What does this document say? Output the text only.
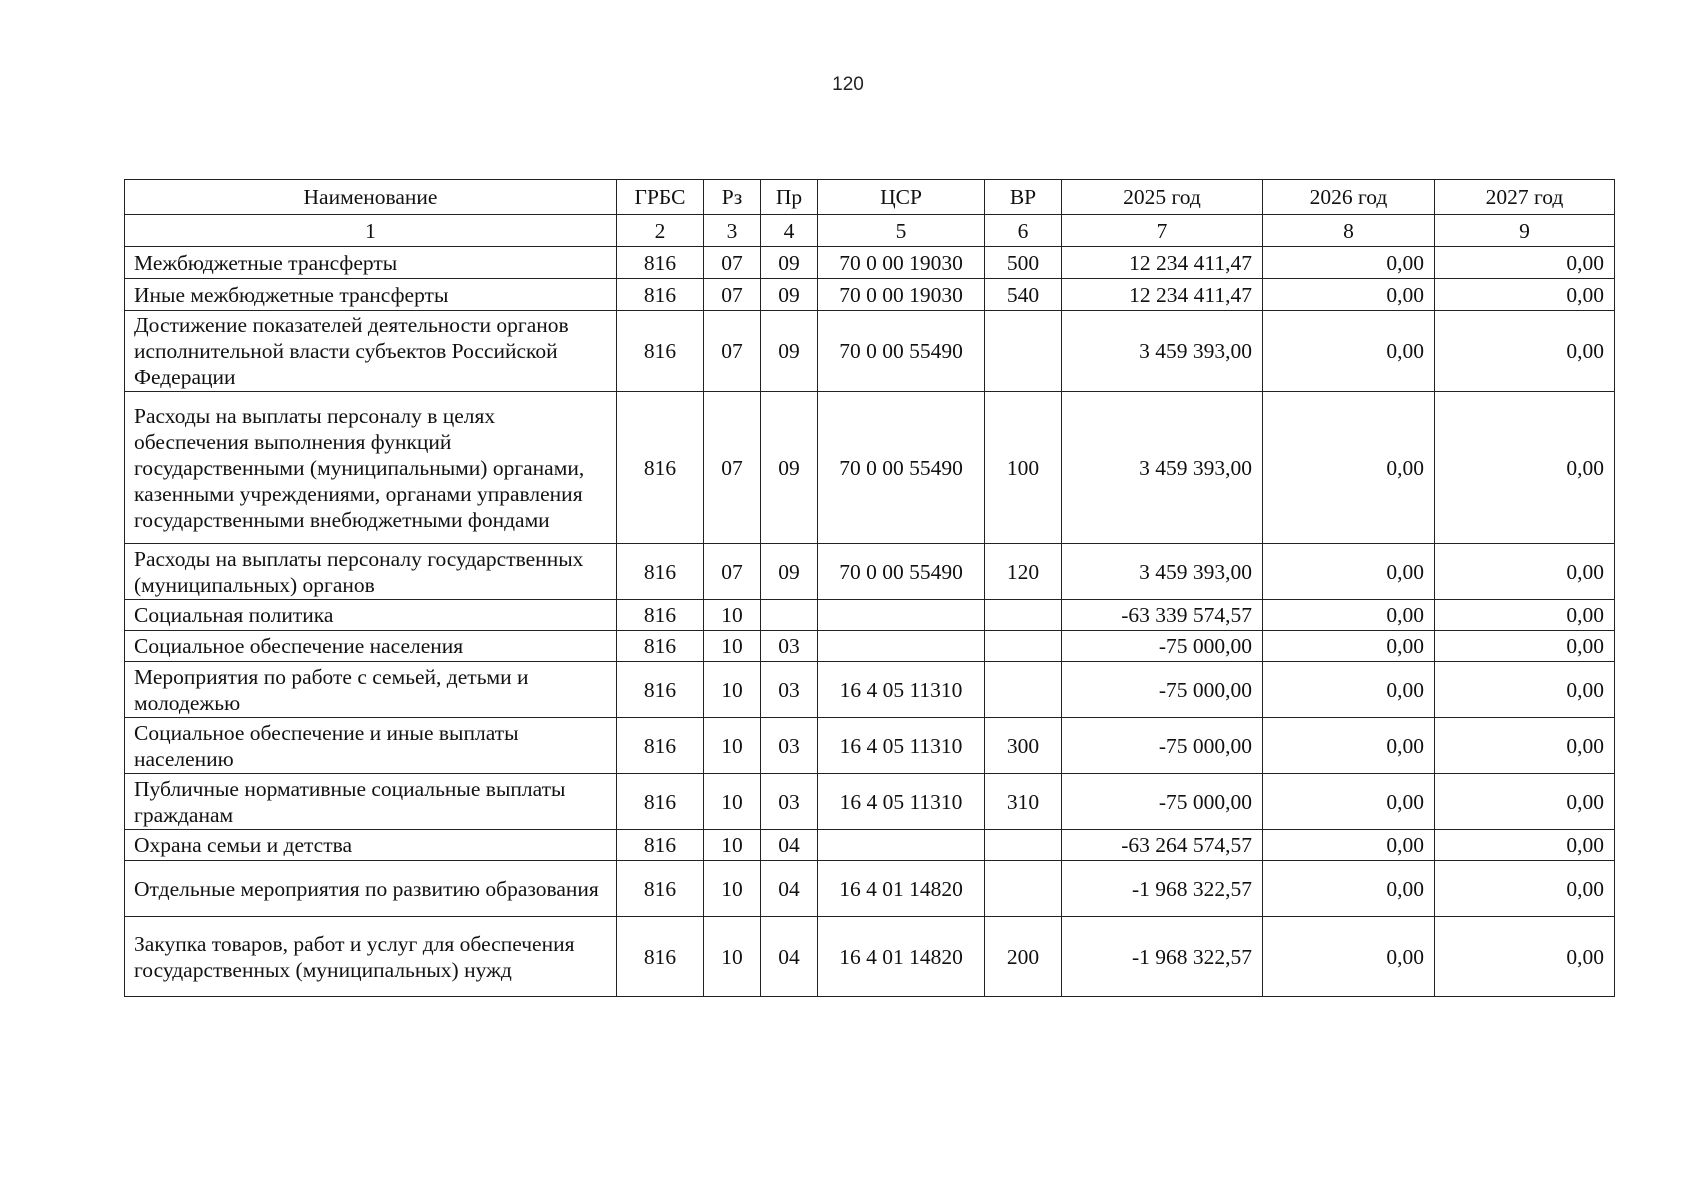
120
Наименование	ГРБС	Рз	Пр	ЦСР	ВР	2025 год	2026 год	2027 год
1	2	3	4	5	6	7	8	9
Межбюджетные трансферты	816	07	09	70 0 00 19030	500	12 234 411,47	0,00	0,00
Иные межбюджетные трансферты	816	07	09	70 0 00 19030	540	12 234 411,47	0,00	0,00
Достижение показателей деятельности органов исполнительной власти субъектов Российской Федерации	816	07	09	70 0 00 55490		3 459 393,00	0,00	0,00
Расходы на выплаты персоналу в целях обеспечения выполнения функций государственными (муниципальными) органами, казенными учреждениями, органами управления государственными внебюджетными фондами	816	07	09	70 0 00 55490	100	3 459 393,00	0,00	0,00
Расходы на выплаты персоналу государственных (муниципальных) органов	816	07	09	70 0 00 55490	120	3 459 393,00	0,00	0,00
Социальная политика	816	10				-63 339 574,57	0,00	0,00
Социальное обеспечение населения	816	10	03			-75 000,00	0,00	0,00
Мероприятия по работе с семьей, детьми и молодежью	816	10	03	16 4 05 11310		-75 000,00	0,00	0,00
Социальное обеспечение и иные выплаты населению	816	10	03	16 4 05 11310	300	-75 000,00	0,00	0,00
Публичные нормативные социальные выплаты гражданам	816	10	03	16 4 05 11310	310	-75 000,00	0,00	0,00
Охрана семьи и детства	816	10	04			-63 264 574,57	0,00	0,00
Отдельные мероприятия по развитию образования	816	10	04	16 4 01 14820		-1 968 322,57	0,00	0,00
Закупка товаров, работ и услуг для обеспечения государственных (муниципальных) нужд	816	10	04	16 4 01 14820	200	-1 968 322,57	0,00	0,00
